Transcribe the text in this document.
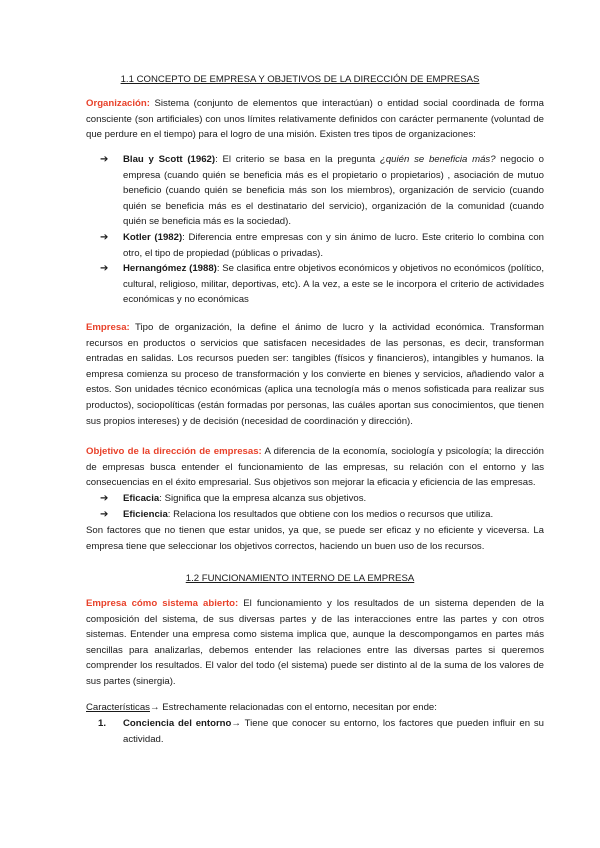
1.1 CONCEPTO DE EMPRESA Y OBJETIVOS DE LA DIRECCIÓN DE EMPRESAS

Organización: Sistema (conjunto de elementos que interactúan) o entidad social coordinada de forma consciente (son artificiales) con unos límites relativamente definidos con carácter permanente (voluntad de que perdure en el tiempo) para el logro de una misión. Existen tres tipos de organizaciones:

➔ Blau y Scott (1962): El criterio se basa en la pregunta ¿quién se beneficia más? negocio o empresa (cuando quién se beneficia más es el propietario o propietarios) , asociación de mutuo beneficio (cuando quién se beneficia más son los miembros), organización de servicio (cuando quién se beneficia más es el destinatario del servicio), organización de la comunidad (cuando quién se beneficia más es la sociedad).
➔ Kotler (1982): Diferencia entre empresas con y sin ánimo de lucro. Este criterio lo combina con otro, el tipo de propiedad (públicas o privadas).
➔ Hernangómez (1988): Se clasifica entre objetivos económicos y objetivos no económicos (político, cultural, religioso, militar, deportivas, etc). A la vez, a este se le incorpora el criterio de actividades económicas y no económicas

Empresa: Tipo de organización, la define el ánimo de lucro y la actividad económica. Transforman recursos en productos o servicios que satisfacen necesidades de las personas, es decir, transforman entradas en salidas. Los recursos pueden ser: tangibles (físicos y financieros), intangibles y humanos. la empresa comienza su proceso de transformación y los convierte en bienes y servicios, añadiendo valor a estos. Son unidades técnico económicas (aplica una tecnología más o menos sofisticada para realizar sus productos), sociopolíticas (están formadas por personas, las cuáles aportan sus conocimientos, que tienen sus propios intereses) y de decisión (necesidad de coordinación y dirección).

Objetivo de la dirección de empresas: A diferencia de la economía, sociología y psicología; la dirección de empresas busca entender el funcionamiento de las empresas, su relación con el entorno y las consecuencias en el éxito empresarial. Sus objetivos son mejorar la eficacia y eficiencia de las empresas.

➔ Eficacia: Significa que la empresa alcanza sus objetivos.
➔ Eficiencia: Relaciona los resultados que obtiene con los medios o recursos que utiliza.

Son factores que no tienen que estar unidos, ya que, se puede ser eficaz y no eficiente y viceversa. La empresa tiene que seleccionar los objetivos correctos, haciendo un buen uso de los recursos.

1.2 FUNCIONAMIENTO INTERNO DE LA EMPRESA

Empresa cómo sistema abierto: El funcionamiento y los resultados de un sistema dependen de la composición del sistema, de sus diversas partes y de las interacciones entre las partes y con otros sistemas. Entender una empresa como sistema implica que, aunque la descompongamos en partes más sencillas para analizarlas, debemos entender las relaciones entre las diversas partes si queremos comprender los resultados. El valor del todo (el sistema) puede ser distinto al de la suma de los valores de sus partes (sinergia).

Características→ Estrechamente relacionadas con el entorno, necesitan por ende:

1. Conciencia del entorno→ Tiene que conocer su entorno, los factores que pueden influir en su actividad.
